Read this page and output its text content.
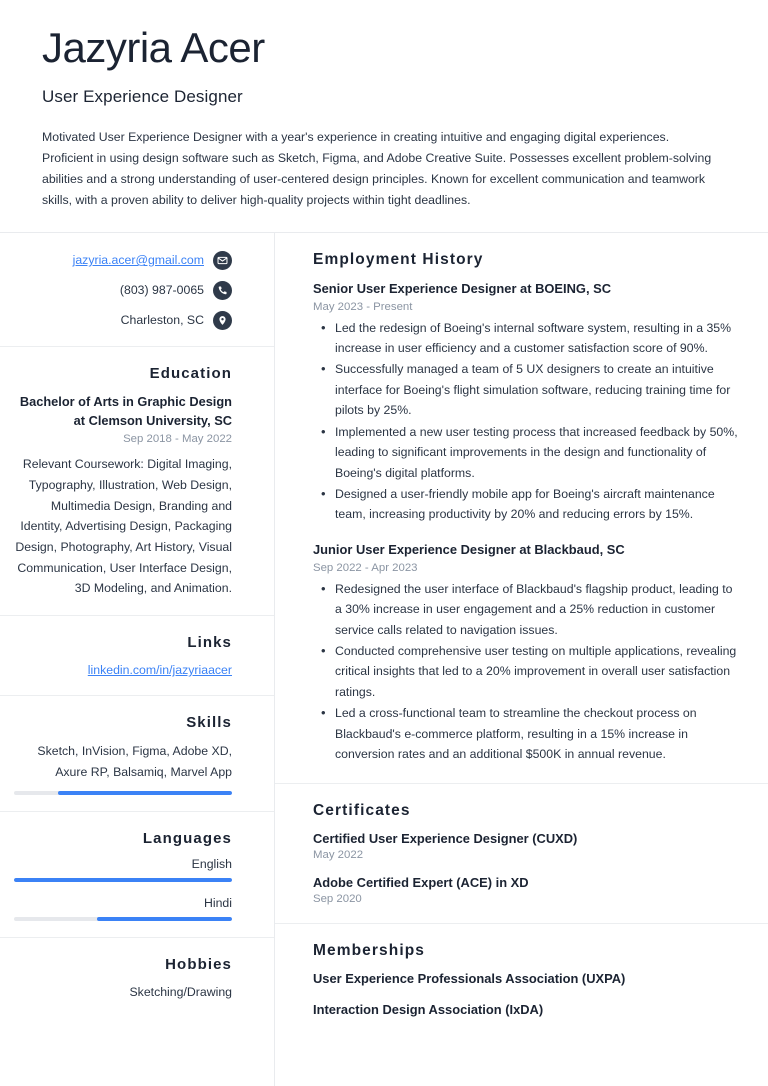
Jazyria Acer
User Experience Designer
Motivated User Experience Designer with a year's experience in creating intuitive and engaging digital experiences. Proficient in using design software such as Sketch, Figma, and Adobe Creative Suite. Possesses excellent problem-solving abilities and a strong understanding of user-centered design principles. Known for excellent communication and teamwork skills, with a proven ability to deliver high-quality projects within tight deadlines.
jazyria.acer@gmail.com
(803) 987-0065
Charleston, SC
Education
Bachelor of Arts in Graphic Design at Clemson University, SC
Sep 2018 - May 2022
Relevant Coursework: Digital Imaging, Typography, Illustration, Web Design, Multimedia Design, Branding and Identity, Advertising Design, Packaging Design, Photography, Art History, Visual Communication, User Interface Design, 3D Modeling, and Animation.
Links
linkedin.com/in/jazyriaacer
Skills
Sketch, InVision, Figma, Adobe XD, Axure RP, Balsamiq, Marvel App
Languages
English
Hindi
Hobbies
Sketching/Drawing
Employment History
Senior User Experience Designer at BOEING, SC
May 2023 - Present
• Led the redesign of Boeing's internal software system, resulting in a 35% increase in user efficiency and a customer satisfaction score of 90%.
• Successfully managed a team of 5 UX designers to create an intuitive interface for Boeing's flight simulation software, reducing training time for pilots by 25%.
• Implemented a new user testing process that increased feedback by 50%, leading to significant improvements in the design and functionality of Boeing's digital platforms.
• Designed a user-friendly mobile app for Boeing's aircraft maintenance team, increasing productivity by 20% and reducing errors by 15%.
Junior User Experience Designer at Blackbaud, SC
Sep 2022 - Apr 2023
• Redesigned the user interface of Blackbaud's flagship product, leading to a 30% increase in user engagement and a 25% reduction in customer service calls related to navigation issues.
• Conducted comprehensive user testing on multiple applications, revealing critical insights that led to a 20% improvement in overall user satisfaction ratings.
• Led a cross-functional team to streamline the checkout process on Blackbaud's e-commerce platform, resulting in a 15% increase in conversion rates and an additional $500K in annual revenue.
Certificates
Certified User Experience Designer (CUXD)
May 2022
Adobe Certified Expert (ACE) in XD
Sep 2020
Memberships
User Experience Professionals Association (UXPA)
Interaction Design Association (IxDA)
